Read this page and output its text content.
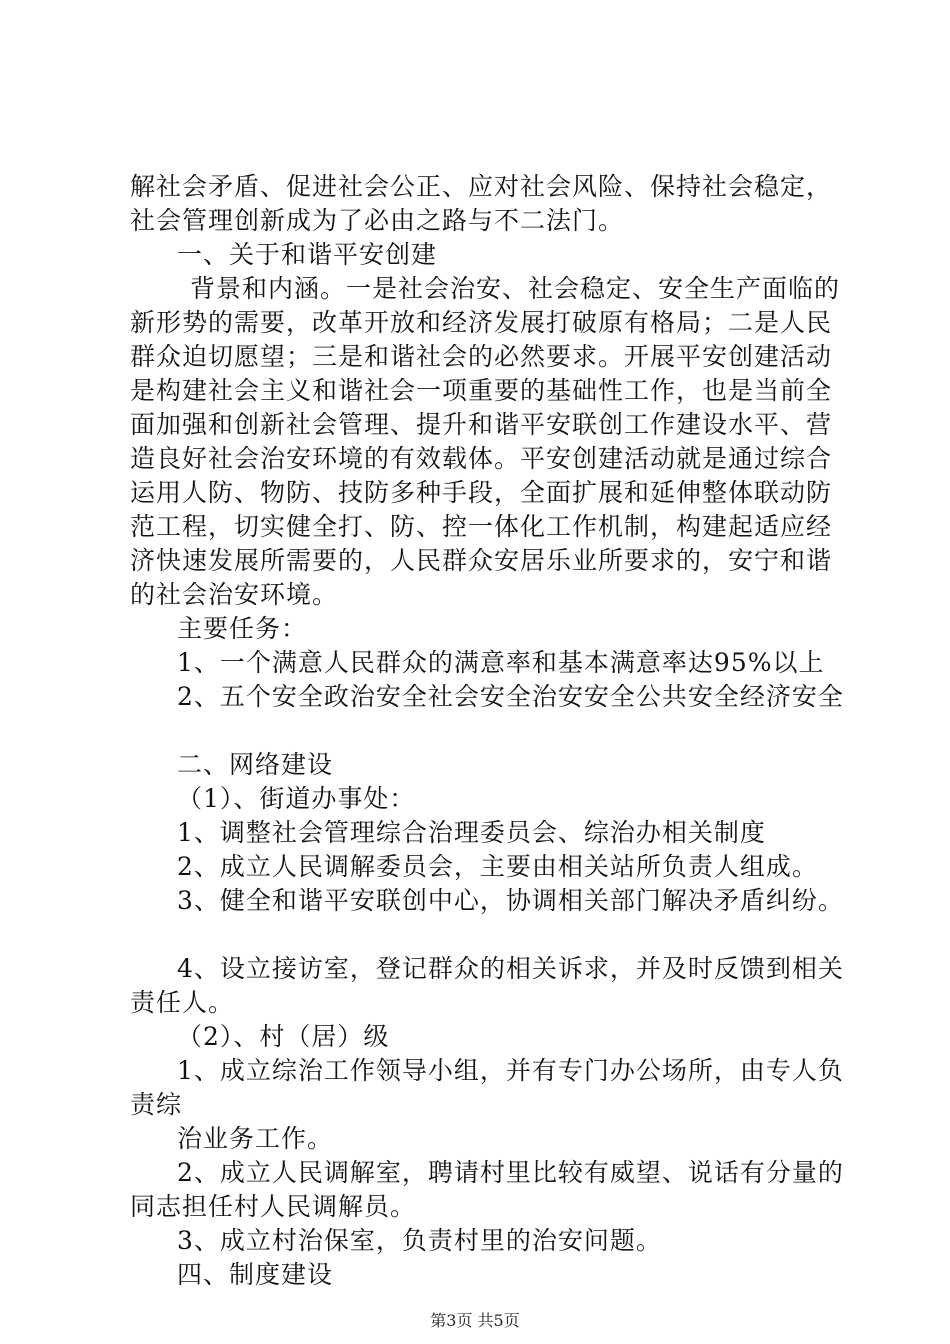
解社会矛盾、促进社会公正、应对社会风险、保持社会稳定，
社会管理创新成为了必由之路与不二法门。
一、关于和谐平安创建
背景和内涵。一是社会治安、社会稳定、安全生产面临的
新形势的需要，改革开放和经济发展打破原有格局；二是人民
群众迫切愿望；三是和谐社会的必然要求。开展平安创建活动
是构建社会主义和谐社会一项重要的基础性工作，也是当前全
面加强和创新社会管理、提升和谐平安联创工作建设水平、营
造良好社会治安环境的有效载体。平安创建活动就是通过综合
运用人防、物防、技防多种手段，全面扩展和延伸整体联动防
范工程，切实健全打、防、控一体化工作机制，构建起适应经
济快速发展所需要的，人民群众安居乐业所要求的，安宁和谐
的社会治安环境。
主要任务：
1、一个满意人民群众的满意率和基本满意率达95%以上
2、五个安全政治安全社会安全治安安全公共安全经济安全
二、网络建设
（1）、街道办事处：
1、调整社会管理综合治理委员会、综治办相关制度
2、成立人民调解委员会，主要由相关站所负责人组成。
3、健全和谐平安联创中心，协调相关部门解决矛盾纠纷。
4、设立接访室，登记群众的相关诉求，并及时反馈到相关
责任人。
（2）、村（居）级
1、成立综治工作领导小组，并有专门办公场所，由专人负
责综
治业务工作。
2、成立人民调解室，聘请村里比较有威望、说话有分量的
同志担任村人民调解员。
3、成立村治保室，负责村里的治安问题。
四、制度建设
第3页 共5页
